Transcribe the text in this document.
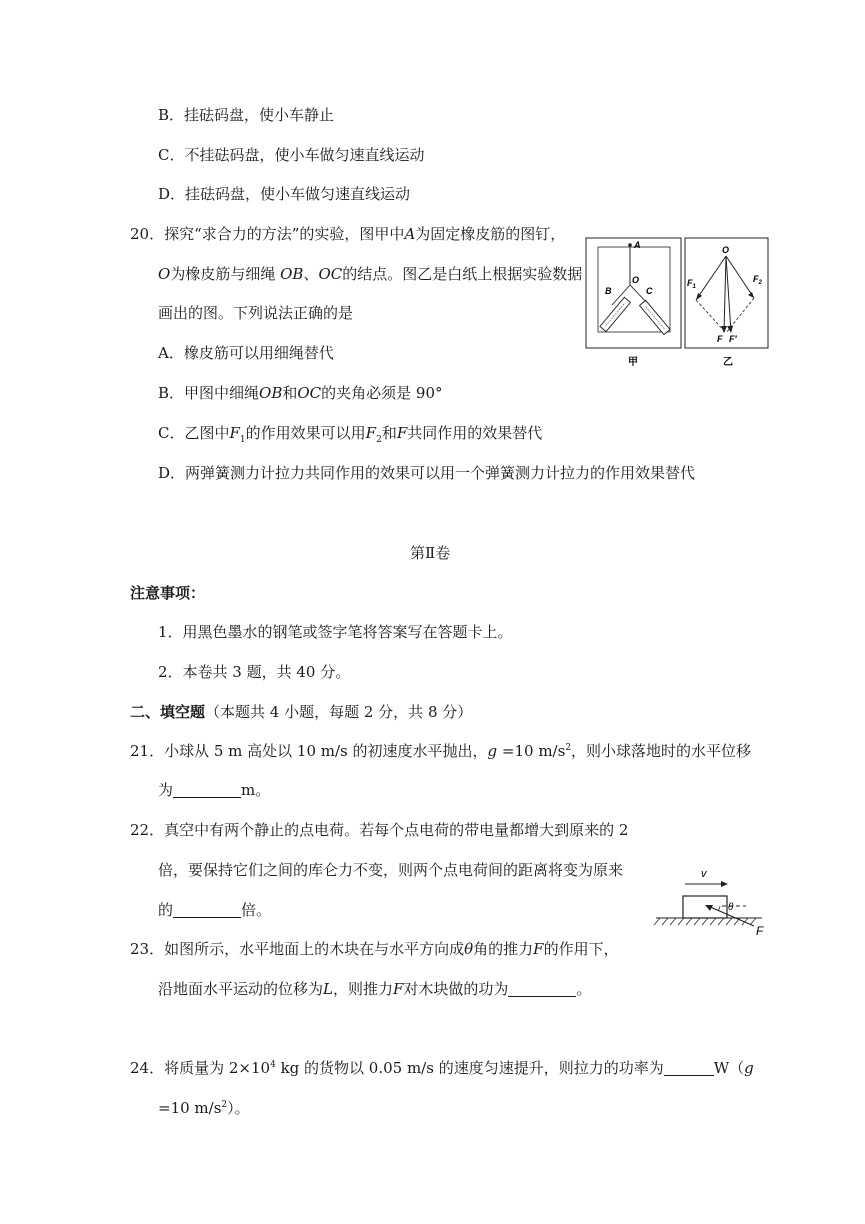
B．挂砝码盘，使小车静止
C．不挂砝码盘，使小车做匀速直线运动
D．挂砝码盘，使小车做匀速直线运动
20．探究“求合力的方法”的实验，图甲中A为固定橡皮筋的图钉，
O为橡皮筋与细绳 OB、OC的结点。图乙是白纸上根据实验数据
画出的图。下列说法正确的是
A．橡皮筋可以用细绳替代
B．甲图中细绳OB和OC的夹角必须是 90°
C．乙图中$F_1$的作用效果可以用$F_2$和F共同作用的效果替代
D．两弹簧测力计拉力共同作用的效果可以用一个弹簧测力计拉力的作用效果替代
A
O
B	C
甲
O
$F_1$
$F_2$
F F′
乙
第Ⅱ卷
注意事项：
1．用黑色墨水的钢笔或签字笔将答案写在答题卡上。
2．本卷共 3 题，共 40 分。
二、填空题（本题共 4 小题，每题 2 分，共 8 分）
21．小球从 5 m 高处以 10 m/s 的初速度水平抛出，g =10 $m/s^2$，则小球落地时的水平位移
为	m。
22．真空中有两个静止的点电荷。若每个点电荷的带电量都增大到原来的 2
倍，要保持它们之间的库仑力不变，则两个点电荷间的距离将变为原来
的	倍。
v
θ
F
23．如图所示，水平地面上的木块在与水平方向成θ角的推力F的作用下，
沿地面水平运动的位移为L，则推力F对木块做的功为	。
24．将质量为 $2\times 10^4$ kg 的货物以 0.05 m/s 的速度匀速提升，则拉力的功率为	W（g
=10 $m/s^2$）。
